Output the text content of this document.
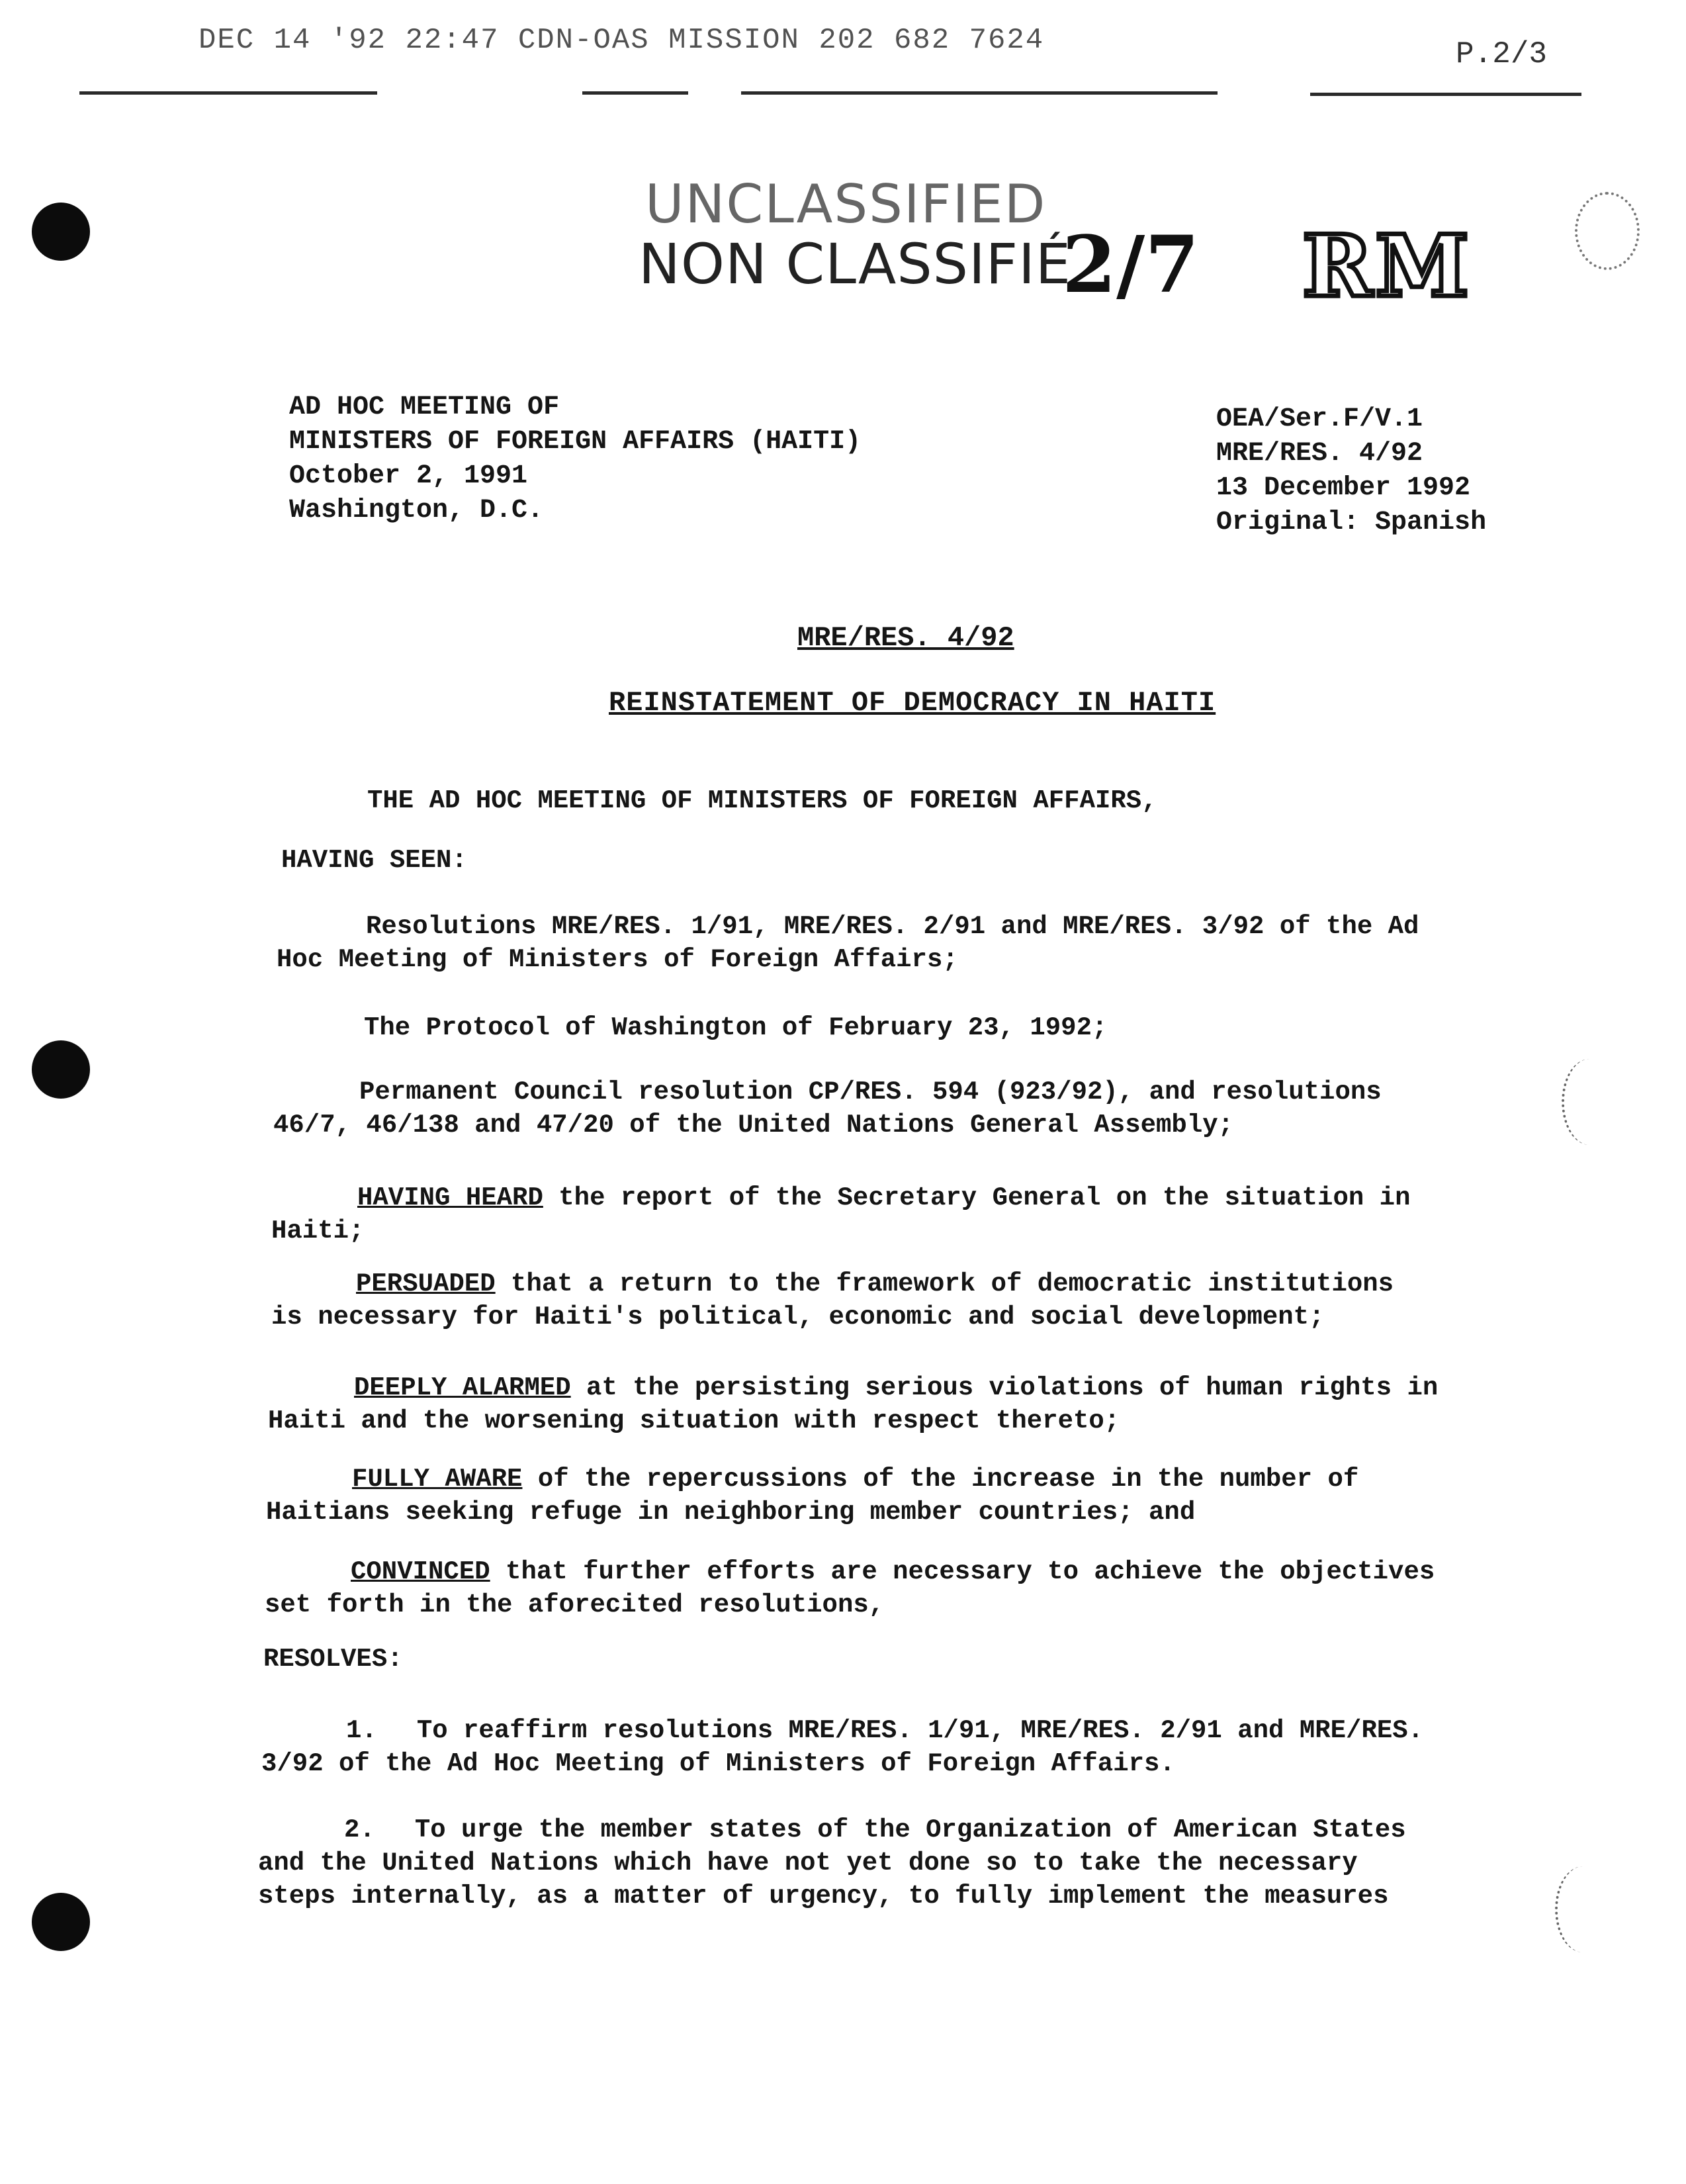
DEC 14 '92 22:47 CDN-OAS MISSION 202 682 7624	P.2/3
UNCLASSIFIED
NON CLASSIFIÉ
2/7 RM
AD HOC MEETING OF
MINISTERS OF FOREIGN AFFAIRS (HAITI)
October 2, 1991
Washington, D.C.
OEA/Ser.F/V.1
MRE/RES. 4/92
13 December 1992
Original: Spanish
MRE/RES. 4/92
REINSTATEMENT OF DEMOCRACY IN HAITI
THE AD HOC MEETING OF MINISTERS OF FOREIGN AFFAIRS,
HAVING SEEN:
Resolutions MRE/RES. 1/91, MRE/RES. 2/91 and MRE/RES. 3/92 of the Ad
Hoc Meeting of Ministers of Foreign Affairs;
The Protocol of Washington of February 23, 1992;
Permanent Council resolution CP/RES. 594 (923/92), and resolutions
46/7, 46/138 and 47/20 of the United Nations General Assembly;
HAVING HEARD the report of the Secretary General on the situation in
Haiti;
PERSUADED that a return to the framework of democratic institutions
is necessary for Haiti's political, economic and social development;
DEEPLY ALARMED at the persisting serious violations of human rights in
Haiti and the worsening situation with respect thereto;
FULLY AWARE of the repercussions of the increase in the number of
Haitians seeking refuge in neighboring member countries; and
CONVINCED that further efforts are necessary to achieve the objectives
set forth in the aforecited resolutions,
RESOLVES:
1. To reaffirm resolutions MRE/RES. 1/91, MRE/RES. 2/91 and MRE/RES.
3/92 of the Ad Hoc Meeting of Ministers of Foreign Affairs.
2. To urge the member states of the Organization of American States
and the United Nations which have not yet done so to take the necessary
steps internally, as a matter of urgency, to fully implement the measures
